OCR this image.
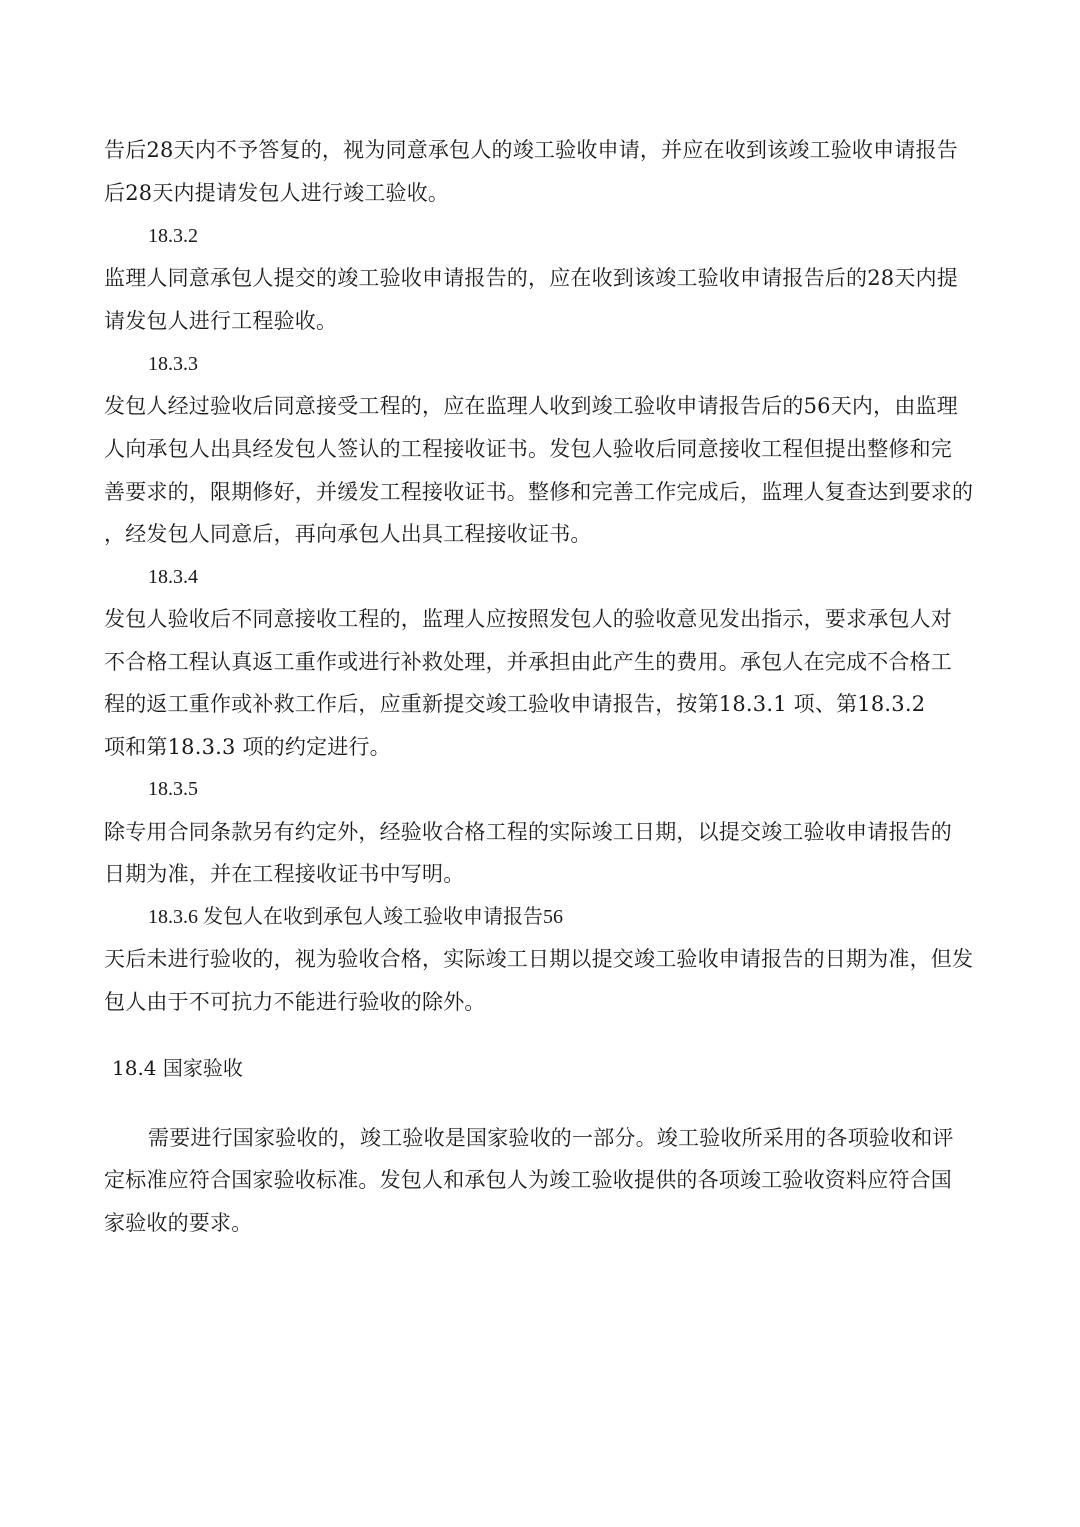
告后28天内不予答复的，视为同意承包人的竣工验收申请，并应在收到该竣工验收申请报告
后28天内提请发包人进行竣工验收。
18.3.2
监理人同意承包人提交的竣工验收申请报告的，应在收到该竣工验收申请报告后的28天内提
请发包人进行工程验收。
18.3.3
发包人经过验收后同意接受工程的，应在监理人收到竣工验收申请报告后的56天内，由监理
人向承包人出具经发包人签认的工程接收证书。发包人验收后同意接收工程但提出整修和完
善要求的，限期修好，并缓发工程接收证书。整修和完善工作完成后，监理人复查达到要求的
，经发包人同意后，再向承包人出具工程接收证书。
18.3.4
发包人验收后不同意接收工程的，监理人应按照发包人的验收意见发出指示，要求承包人对
不合格工程认真返工重作或进行补救处理，并承担由此产生的费用。承包人在完成不合格工
程的返工重作或补救工作后，应重新提交竣工验收申请报告，按第18.3.1 项、第18.3.2
项和第18.3.3 项的约定进行。
18.3.5
除专用合同条款另有约定外，经验收合格工程的实际竣工日期，以提交竣工验收申请报告的
日期为准，并在工程接收证书中写明。
18.3.6 发包人在收到承包人竣工验收申请报告56
天后未进行验收的，视为验收合格，实际竣工日期以提交竣工验收申请报告的日期为准，但发
包人由于不可抗力不能进行验收的除外。
18.4 国家验收
需要进行国家验收的，竣工验收是国家验收的一部分。竣工验收所采用的各项验收和评
定标准应符合国家验收标准。发包人和承包人为竣工验收提供的各项竣工验收资料应符合国
家验收的要求。
